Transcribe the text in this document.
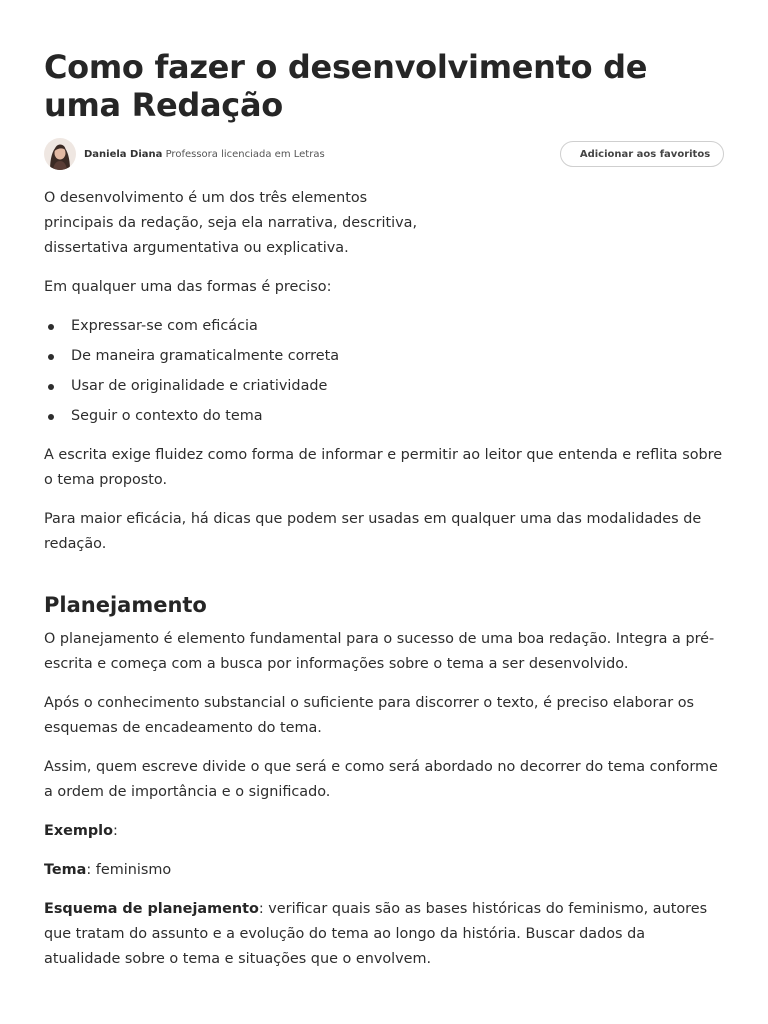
Como fazer o desenvolvimento de uma Redação
Daniela Diana Professora licenciada em Letras	Adicionar aos favoritos

O desenvolvimento é um dos três elementos principais da redação, seja ela narrativa, descritiva, dissertativa argumentativa ou explicativa.

Em qualquer uma das formas é preciso:

Expressar-se com eficácia
De maneira gramaticalmente correta
Usar de originalidade e criatividade
Seguir o contexto do tema

A escrita exige fluidez como forma de informar e permitir ao leitor que entenda e reflita sobre o tema proposto.

Para maior eficácia, há dicas que podem ser usadas em qualquer uma das modalidades de redação.

Planejamento

O planejamento é elemento fundamental para o sucesso de uma boa redação. Integra a pré-escrita e começa com a busca por informações sobre o tema a ser desenvolvido.

Após o conhecimento substancial o suficiente para discorrer o texto, é preciso elaborar os esquemas de encadeamento do tema.

Assim, quem escreve divide o que será e como será abordado no decorrer do tema conforme a ordem de importância e o significado.

Exemplo:

Tema: feminismo

Esquema de planejamento: verificar quais são as bases históricas do feminismo, autores que tratam do assunto e a evolução do tema ao longo da história. Buscar dados da atualidade sobre o tema e situações que o envolvem.
